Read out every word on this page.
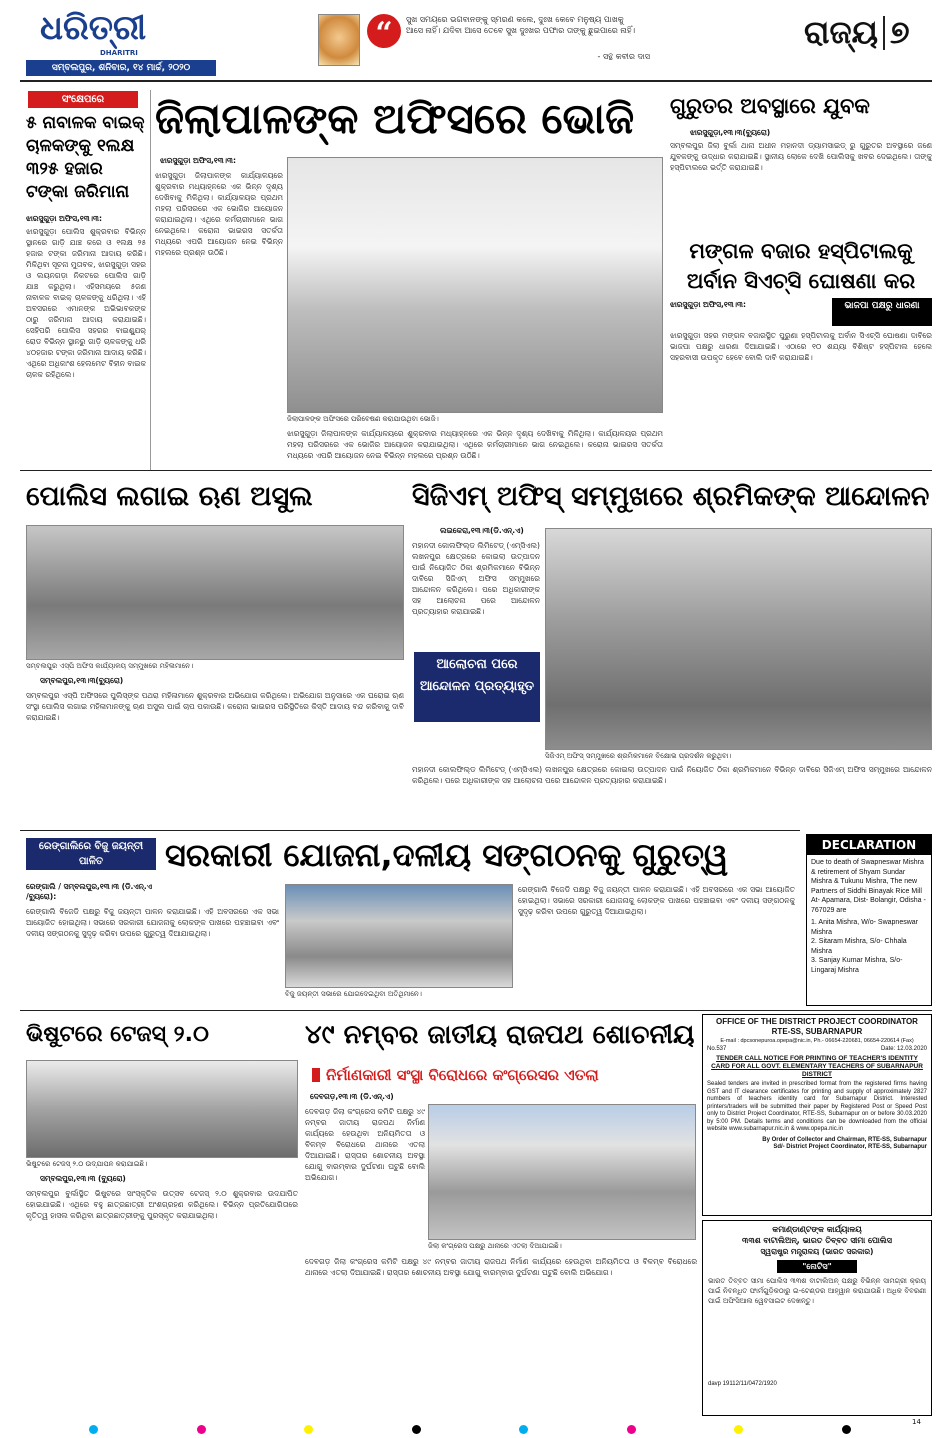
ଧରିତ୍ରୀ
DHARITRI
ସମ୍ବଲପୁର, ଶନିବାର, ୧୪ ମାର୍ଚ୍ଚ, ୨୦୨୦
“	ସୁଖ ସମୟରେ ଭଗବାନଙ୍କୁ ସ୍ମରଣ କଲେ, ଦୁଃଖ କେବେ ମନୁଷ୍ୟ ପାଖକୁ ଆସେ ନାହିଁ। ଯଦିବା ଆସେ ତେବେ ସୁଖ ଦୁଃଖର ପଫାର ତାଙ୍କୁ ଛୁଇପାରେ ନାହିଁ।
- ସନ୍ଥ କବୀର ଦାସ
ରାଜ୍ୟ ୭
ସଂକ୍ଷେପରେ
୫ ନାବାଳକ ବାଇକ୍ ଚାଳକଙ୍କୁ ୧ଲକ୍ଷ ୩୨୫ ହଜାର ଟଙ୍କା ଜରିମାନା
ଝାରସୁଗୁଡ଼ା ଅଫିସ,୧୩।୩:
ଝାରସୁଗୁଡ଼ା ପୋଲିସ ଶୁକ୍ରବାର ବିଭିନ୍ନ ସ୍ଥାନରେ ଗାଡ଼ି ଯାଞ୍ଚ କରେ ଓ ୧ଲକ୍ଷ ୨୫ ହଜାର ଟଙ୍କା ଜରିମାନା ଆଦାୟ କରିଛି। ମିଳିଥିବା ସୂଚନା ମୁତାବକ, ଝାରସୁଗୁଡ଼ା ସହର ଓ ଲୟନଗଡ଼ା ନିକଟରେ ପୋଲିସ ଗାଡ଼ି ଯାଞ୍ଚ କରୁଥିଲା। ଏହିସମୟରେ ୫ଜଣ ନାବାଳକ ବାଇକ୍ ଚାଳକଙ୍କୁ ଧରିଥିଲା। ଏହି ଅବସରରେ ଏମାନଙ୍କ ଅଭିଭାବକଙ୍କ ଠାରୁ ଜରିମାନା ଆଦାୟ କରାଯାଇଛି। ସେହିପରି ପୋଲିସ ସହରର ବାଇଶ୍ଯୁର୍ ରୋଡ ବିଭିନ୍ନ ସ୍ଥାନରୁ ଗାଡ଼ି ଚାଳକଙ୍କୁ ଧରି ୪୦ହଜାର ଟଙ୍କା ଜରିମାନା ଆଦାୟ କରିଛି। ଏଥିରେ ଅଧିକାଂଶ ହେଲମେଟ ବିହୀନ ବାଇକ ଚାଳକ ରହିଥିଲେ।
ଜିଲାପାଳଙ୍କ ଅଫିସରେ ଭୋଜି
ଝାରସୁଗୁଡ଼ା ଅଫିସ,୧୩।୩:
ଝାରସୁଗୁଡ଼ା ଜିଲାପାଳଙ୍କ କାର୍ଯ୍ୟାଳୟରେ ଶୁକ୍ରବାର ମଧ୍ୟାହ୍ନରେ ଏକ ଭିନ୍ନ ଦୃଶ୍ୟ ଦେଖିବାକୁ ମିଳିଥିଲା। କାର୍ଯ୍ୟାଳୟର ପ୍ରଥମ ମହଲା ପରିସରରେ ଏକ ଭୋଜିର ଆୟୋଜନ କରାଯାଇଥିଲା। ଏଥିରେ କର୍ମଚାରୀମାନେ ଭାଗ ନେଇଥିଲେ। କରୋନା ଭାଇରସ ସତର୍କତା ମଧ୍ୟରେ ଏପରି ଆୟୋଜନ ନେଇ ବିଭିନ୍ନ ମହଲରେ ପ୍ରଶ୍ନ ଉଠିଛି।
ଜିଲାପାଳଙ୍କ ଅଫିସରେ ପରିବେଷଣ କରାଯାଉଥିବା ଭୋଜି।
ଝାରସୁଗୁଡ଼ା ଜିଲାପାଳଙ୍କ କାର୍ଯ୍ୟାଳୟରେ ଶୁକ୍ରବାର ମଧ୍ୟାହ୍ନରେ ଏକ ଭିନ୍ନ ଦୃଶ୍ୟ ଦେଖିବାକୁ ମିଳିଥିଲା। କାର୍ଯ୍ୟାଳୟର ପ୍ରଥମ ମହଲା ପରିସରରେ ଏକ ଭୋଜିର ଆୟୋଜନ କରାଯାଇଥିଲା। ଏଥିରେ କର୍ମଚାରୀମାନେ ଭାଗ ନେଇଥିଲେ। କରୋନା ଭାଇରସ ସତର୍କତା ମଧ୍ୟରେ ଏପରି ଆୟୋଜନ ନେଇ ବିଭିନ୍ନ ମହଲରେ ପ୍ରଶ୍ନ ଉଠିଛି।
ଗୁରୁତର ଅବସ୍ଥାରେ ଯୁବକ
ଝାରସୁଗୁଡ଼ା,୧୩।୩(ବ୍ୟୁରୋ)
ସମ୍ବଲପୁର ଜିଲା ବୁର୍ଲା ଥାନା ଅଧୀନ ମହାନଦୀ ଡ୍ୟାମସାଇଡ୍ ରୁ ଗୁରୁତର ଅବସ୍ଥାରେ ଜଣେ ଯୁବକଙ୍କୁ ଉଦ୍ଧାର କରାଯାଇଛି। ସ୍ଥାନୀୟ ଲୋକେ ଦେଖି ପୋଲିସକୁ ଖବର ଦେଇଥିଲେ। ତାଙ୍କୁ ହସ୍ପିଟାଲରେ ଭର୍ତ୍ତି କରାଯାଇଛି।
ମଙ୍ଗଳ ବଜାର ହସ୍ପିଟାଲକୁ ଅର୍ବାନ ସିଏଚ୍‌ସି ଘୋଷଣା କର
ଝାରସୁଗୁଡ଼ା ଅଫିସ,୧୩।୩:	ଭାଜପା ପକ୍ଷରୁ ଧାରଣା
ଝାରସୁଗୁଡ଼ା ସହର ମଙ୍ଗଳ ବଜାରସ୍ଥିତ ପୁରୁଣା ହସ୍ପିଟାଲକୁ ଅର୍ବାନ ସିଏଚ୍‌ସି ଘୋଷଣା ଦାବିରେ ଭାଜପା ପକ୍ଷରୁ ଧାରଣା ଦିଆଯାଇଛି। ଏଠାରେ ୧୦ ଶଯ୍ୟା ବିଶିଷ୍ଟ ହସ୍ପିଟାଲ ହେଲେ ସହରବାସୀ ଉପକୃତ ହେବେ ବୋଲି ଦାବି କରାଯାଇଛି।
ପୋଲିସ ଲଗାଇ ଋଣ ଅସୁଲ
ସମ୍ବଲପୁର ଏସ୍‌ପି ଅଫିସ କାର୍ଯ୍ୟାଳୟ ସମ୍ମୁଖରେ ମହିଳାମାନେ।
ସମ୍ବଲପୁର,୧୩।୩(ବ୍ୟୁରୋ)
ସମ୍ବଲପୁର ଏସ୍‌ପି ଅଫିସରେ ପୁଲିସ୍‌ଙ୍କ ପଥରା ମହିଳାମାନେ ଶୁକ୍ରବାର ଅଭିଯୋଗ କରିଥିଲେ। ଅଭିଯୋଗ ଅନୁସାରେ ଏକ ଘରୋଇ ଋଣ ସଂସ୍ଥା ପୋଲିସ ଲଗାଇ ମହିଳାମାନଙ୍କୁ ଋଣ ଅସୁଲ ପାଇଁ ଚାପ ପକାଉଛି। କରୋନା ଭାଇରସ ପରିସ୍ଥିତିରେ କିସ୍ତି ଆଦାୟ ବନ୍ଦ କରିବାକୁ ଦାବି କରାଯାଇଛି।
ସିଜିଏମ୍ ଅଫିସ୍ ସମ୍ମୁଖରେ ଶ୍ରମିକଙ୍କ ଆନ୍ଦୋଳନ
ଲଇକେରା,୧୩।୩(ଡି.ଏନ୍.ଏ)
ମହାନଦୀ କୋଲଫିଲ୍ଡ ଲିମିଟେଡ୍ (ଏମ୍‌ସିଏଲ) ଲଖନପୁର କ୍ଷେତ୍ରରେ କୋଇଲା ଉତ୍ପାଦନ ପାଇଁ ନିୟୋଜିତ ଠିକା ଶ୍ରମିକମାନେ ବିଭିନ୍ନ ଦାବିରେ ସିଜିଏମ୍ ଅଫିସ ସମ୍ମୁଖରେ ଆନ୍ଦୋଳନ କରିଥିଲେ। ପରେ ଅଧିକାରୀଙ୍କ ସହ ଆଲୋଚନା ପରେ ଆନ୍ଦୋଳନ ପ୍ରତ୍ୟାହାର କରାଯାଇଛି।
ଆଲୋଚନା ପରେ ଆନ୍ଦୋଳନ ପ୍ରତ୍ୟାହୃତ
ସିଜିଏମ୍ ଅଫିସ୍ ସମ୍ମୁଖରେ ଶ୍ରମିକମାନେ ବିକ୍ଷୋଭ ପ୍ରଦର୍ଶନ କରୁଥିବା।
ମହାନଦୀ କୋଲଫିଲ୍ଡ ଲିମିଟେଡ୍ (ଏମ୍‌ସିଏଲ) ଲଖନପୁର କ୍ଷେତ୍ରରେ କୋଇଲା ଉତ୍ପାଦନ ପାଇଁ ନିୟୋଜିତ ଠିକା ଶ୍ରମିକମାନେ ବିଭିନ୍ନ ଦାବିରେ ସିଜିଏମ୍ ଅଫିସ ସମ୍ମୁଖରେ ଆନ୍ଦୋଳନ କରିଥିଲେ। ପରେ ଅଧିକାରୀଙ୍କ ସହ ଆଲୋଚନା ପରେ ଆନ୍ଦୋଳନ ପ୍ରତ୍ୟାହାର କରାଯାଇଛି।
ରେଙ୍ଗାଲିରେ ବିଜୁ ଜୟନ୍ତୀ ପାଳିତ	ସରକାରୀ ଯୋଜନା,ଦଳୀୟ ସଙ୍ଗଠନକୁ ଗୁରୁତ୍ୱ
ରେଙ୍ଗାଲି / ସମ୍ବଲପୁର,୧୩।୩ (ଡି.ଏନ୍.ଏ /ବ୍ୟୁରୋ):
ରେଙ୍ଗାଲି ବିଜେଡି ପକ୍ଷରୁ ବିଜୁ ଜୟନ୍ତୀ ପାଳନ କରାଯାଇଛି। ଏହି ଅବସରରେ ଏକ ସଭା ଆୟୋଜିତ ହୋଇଥିଲା। ସଭାରେ ସରକାରୀ ଯୋଜନାକୁ ଲୋକଙ୍କ ପାଖରେ ପହଞ୍ଚାଇବା ଏବଂ ଦଳୀୟ ସଙ୍ଗଠନକୁ ସୁଦୃଢ଼ କରିବା ଉପରେ ଗୁରୁତ୍ୱ ଦିଆଯାଇଥିଲା।
ବିଜୁ ଜୟନ୍ତୀ ସଭାରେ ଯୋଗଦେଇଥିବା ଅତିଥିମାନେ।
ରେଙ୍ଗାଲି ବିଜେଡି ପକ୍ଷରୁ ବିଜୁ ଜୟନ୍ତୀ ପାଳନ କରାଯାଇଛି। ଏହି ଅବସରରେ ଏକ ସଭା ଆୟୋଜିତ ହୋଇଥିଲା। ସଭାରେ ସରକାରୀ ଯୋଜନାକୁ ଲୋକଙ୍କ ପାଖରେ ପହଞ୍ଚାଇବା ଏବଂ ଦଳୀୟ ସଙ୍ଗଠନକୁ ସୁଦୃଢ଼ କରିବା ଉପରେ ଗୁରୁତ୍ୱ ଦିଆଯାଇଥିଲା।
DECLARATION
Due to death of Swapneswar Mishra & retirement of Shyam Sundar Mishra & Tukunu Mishra, The new Partners of Siddhi Binayak Rice Mill At- Apamara, Dist- Bolangir, Odisha - 767029 are
1. Anita Mishra, W/o- Swapneswar Mishra
2. Sitaram Mishra, S/o- Chhala Mishra
3. Sanjay Kumar Mishra, S/o- Lingaraj Mishra
ଭିଷୁଟରେ ଟେଜସ୍ ୨.୦
ଭିଷୁଟରେ ଟେଜସ୍ ୨.୦ ଉଦ୍‌ଯାପନ କରାଯାଇଛି।
ସମ୍ବଲପୁର,୧୩।୩ (ବ୍ୟୁରୋ)
ସମ୍ବଲପୁର ବୁର୍ଲାସ୍ଥିତ ଭିଷୁଟରେ ସାଂସ୍କୃତିକ ଉତ୍ସବ ଟେଜସ୍ ୨.୦ ଶୁକ୍ରବାର ଉଦଯାପିତ ହୋଇଯାଇଛି। ଏଥିରେ ବହୁ ଛାତ୍ରଛାତ୍ରୀ ଅଂଶଗ୍ରହଣ କରିଥିଲେ। ବିଭିନ୍ନ ପ୍ରତିଯୋଗିତାରେ କୃତିତ୍ୱ ହାସଲ କରିଥିବା ଛାତ୍ରଛାତ୍ରୀଙ୍କୁ ପୁରସ୍କୃତ କରାଯାଇଥିଲା।
୪୯ ନମ୍ବର ଜାତୀୟ ରାଜପଥ ଶୋଚନୀୟ
ନିର୍ମାଣକାରୀ ସଂସ୍ଥା ବିରୋଧରେ କଂଗ୍ରେସର ଏତଲା
ଦେବଗଡ଼,୧୩।୩ (ଡି.ଏନ୍.ଏ)
ଦେବଗଡ଼ ଜିଲା କଂଗ୍ରେସ କମିଟି ପକ୍ଷରୁ ୪୯ ନମ୍ବର ଜାତୀୟ ରାଜପଥ ନିର୍ମାଣ କାର୍ଯ୍ୟରେ ହେଉଥିବା ଅନିୟମିତତା ଓ ବିଳମ୍ବ ବିରୋଧରେ ଥାନାରେ ଏତଲା ଦିଆଯାଇଛି। ରାସ୍ତାର ଶୋଚନୀୟ ଅବସ୍ଥା ଯୋଗୁ ବାରମ୍ବାର ଦୁର୍ଘଟଣା ଘଟୁଛି ବୋଲି ଅଭିଯୋଗ।
ଜିଲା କଂଗ୍ରେସ ପକ୍ଷରୁ ଥାନାରେ ଏତଲା ଦିଆଯାଇଛି।
ଦେବଗଡ଼ ଜିଲା କଂଗ୍ରେସ କମିଟି ପକ୍ଷରୁ ୪୯ ନମ୍ବର ଜାତୀୟ ରାଜପଥ ନିର୍ମାଣ କାର୍ଯ୍ୟରେ ହେଉଥିବା ଅନିୟମିତତା ଓ ବିଳମ୍ବ ବିରୋଧରେ ଥାନାରେ ଏତଲା ଦିଆଯାଇଛି। ରାସ୍ତାର ଶୋଚନୀୟ ଅବସ୍ଥା ଯୋଗୁ ବାରମ୍ବାର ଦୁର୍ଘଟଣା ଘଟୁଛି ବୋଲି ଅଭିଯୋଗ।
OFFICE OF THE DISTRICT PROJECT COORDINATOR
RTE-SS, SUBARNAPUR
E-mail : dpcsonepuroa.opepa@nic.in, Ph.- 06654-220681, 06654-220614 (Fax)
No.537	Date: 12.03.2020
TENDER CALL NOTICE FOR PRINTING OF TEACHER'S IDENTITY CARD FOR ALL GOVT. ELEMENTARY TEACHERS OF SUBARNAPUR DISTRICT
Sealed tenders are invited in prescribed format from the registered firms having GST and IT clearance certificates for printing and supply of approximately 2827 numbers of teachers identity card for Subarnapur District. Interested printers/traders will be submitted their paper by Registered Post or Speed Post only to District Project Coordinator, RTE-SS, Subarnapur on or before 30.03.2020 by 5:00 PM. Details terms and conditions can be downloaded from the official website www.subarnapur.nic.in & www.opepa.nic.in
By Order of Collector and Chairman, RTE-SS, Subarnapur
Sd/- District Project Coordinator, RTE-SS, Subarnapur
କମାଣ୍ଡାଣ୍ଟଙ୍କ କାର୍ଯ୍ୟାଳୟ
୩୩ଶ ବାଟାଲିଅନ୍, ଭାରତ ତିବ୍ବତ ସୀମା ପୋଲିସ
ସ୍ୱରାଷ୍ଟ୍ର ମନ୍ତ୍ରାଳୟ (ଭାରତ ସରକାର)
"ନୋଟିସ"
ଭାରତ ତିବ୍ବତ ସୀମା ପୋଲିସ ୩୩ଶ ବାଟାଲିଅନ୍ ପକ୍ଷରୁ ବିଭିନ୍ନ ସାମଗ୍ରୀ କ୍ରୟ ପାଇଁ ନିବନ୍ଧିତ ଫାର୍ମଗୁଡ଼ିକଠାରୁ ଇ-ଟେଣ୍ଡର ଆହ୍ୱାନ କରାଯାଉଛି। ଅଧିକ ବିବରଣୀ ପାଇଁ ଅଫିସିଆଲ ୱେବସାଇଟ ଦେଖନ୍ତୁ।
davp 19112/11/0472/1920
14
